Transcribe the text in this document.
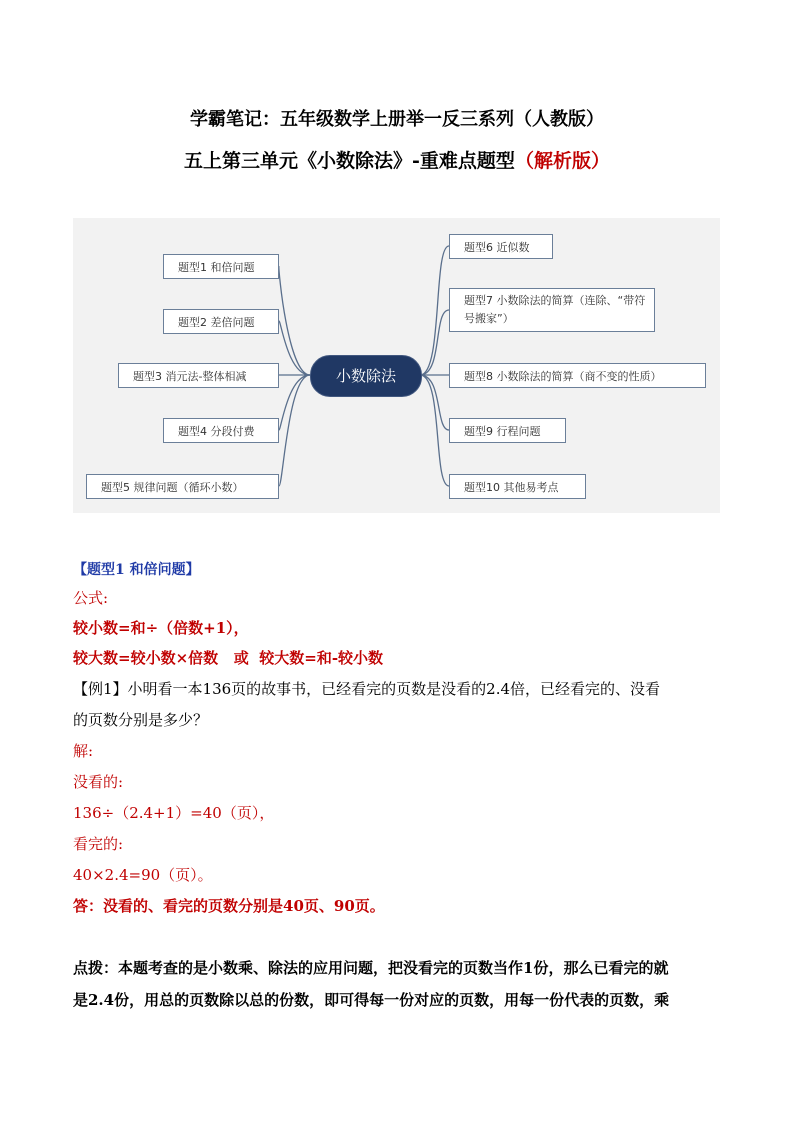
学霸笔记：五年级数学上册举一反三系列（人教版）
五上第三单元《小数除法》-重难点题型（解析版）
题型1 和倍问题
题型2 差倍问题
题型3 消元法-整体相减
题型4 分段付费
题型5 规律问题（循环小数）
小数除法
题型6 近似数
题型7 小数除法的简算（连除、“带符号搬家”）
题型8 小数除法的简算（商不变的性质）
题型9 行程问题
题型10 其他易考点
【题型1 和倍问题】
公式:
较小数=和÷（倍数+1），
较大数=较小数×倍数   或  较大数=和-较小数
【例1】小明看一本136页的故事书，已经看完的页数是没看的2.4倍，已经看完的、没看
的页数分别是多少？
解:
没看的:
136÷（2.4+1）=40（页），
看完的:
40×2.4=90（页）。
答：没看的、看完的页数分别是40页、90页。
点拨：本题考查的是小数乘、除法的应用问题，把没看完的页数当作1份，那么已看完的就
是2.4份，用总的页数除以总的份数，即可得每一份对应的页数，用每一份代表的页数，乘
